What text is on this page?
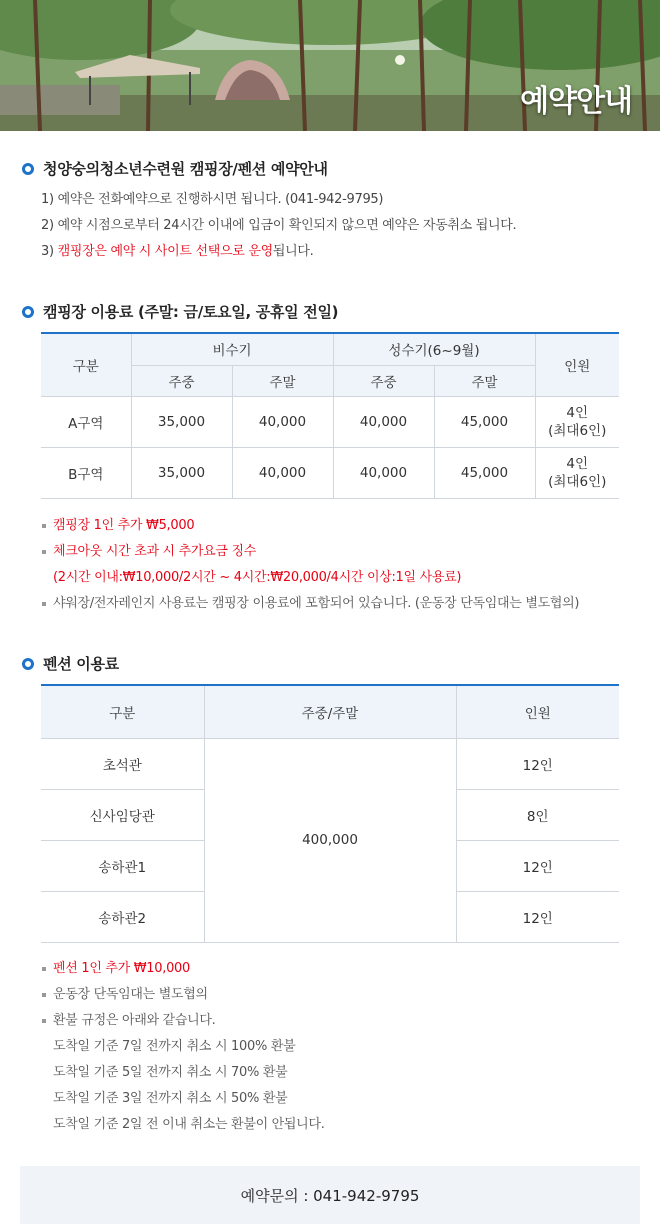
예약안내
청양숭의청소년수련원 캠핑장/펜션 예약안내
1) 예약은 전화예약으로 진행하시면 됩니다. (041-942-9795)
2) 예약 시점으로부터 24시간 이내에 입금이 확인되지 않으면 예약은 자동취소 됩니다.
3) 캠핑장은 예약 시 사이트 선택으로 운영됩니다.
캠핑장 이용료 (주말: 금/토요일, 공휴일 전일)
구분	비수기		성수기(6~9월)		인원
	주중	주말	주중	주말	
A구역	35,000	40,000	40,000	45,000	4인
(최대6인)

B구역	35,000	40,000	40,000	45,000	4인
(최대6인)
캠핑장 1인 추가 ₩5,000
체크아웃 시간 초과 시 추가요금 징수
(2시간 이내:₩10,000/2시간 ~ 4시간:₩20,000/4시간 이상:1일 사용료)
샤워장/전자레인지 사용료는 캠핑장 이용료에 포함되어 있습니다. (운동장 단독임대는 별도협의)
펜션 이용료
구분	주중/주말	인원
초석관	400,000	12인
신사임당관		8인
송하관1		12인
송하관2		12인
펜션 1인 추가 ₩10,000
운동장 단독임대는 별도협의
환불 규정은 아래와 같습니다.
도착일 기준 7일 전까지 취소 시 100% 환불
도착일 기준 5일 전까지 취소 시 70% 환불
도착일 기준 3일 전까지 취소 시 50% 환불
도착일 기준 2일 전 이내 취소는 환불이 안됩니다.
예약문의 : 041-942-9795
